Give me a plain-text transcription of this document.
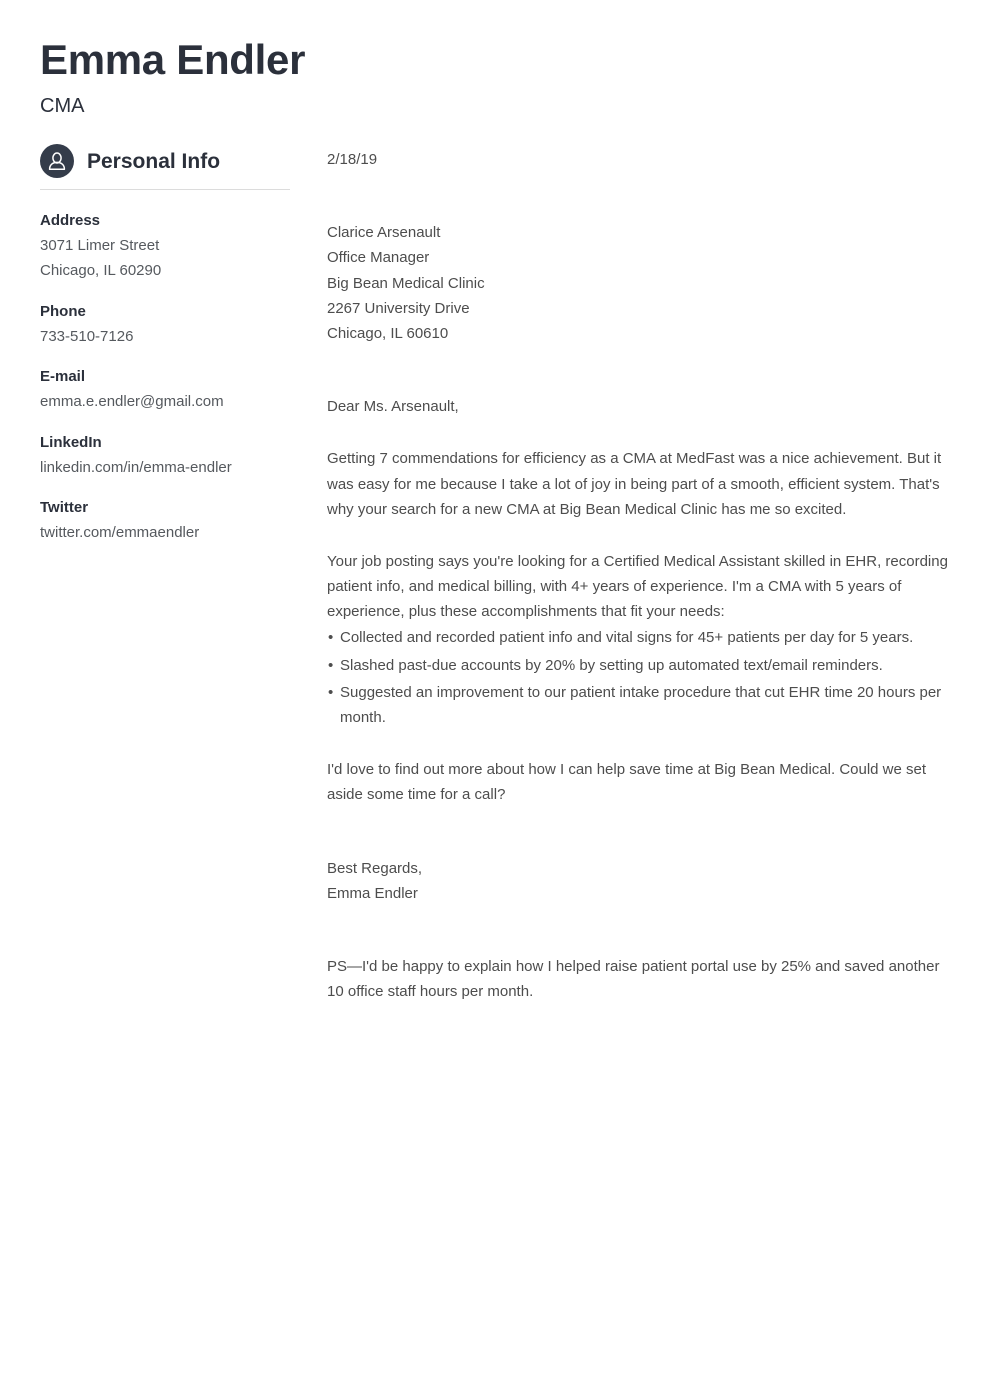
Emma Endler
CMA
Personal Info
Address
3071 Limer Street
Chicago, IL 60290
Phone
733-510-7126
E-mail
emma.e.endler@gmail.com
LinkedIn
linkedin.com/in/emma-endler
Twitter
twitter.com/emmaendler

2/18/19

Clarice Arsenault
Office Manager
Big Bean Medical Clinic
2267 University Drive
Chicago, IL 60610

Dear Ms. Arsenault,

Getting 7 commendations for efficiency as a CMA at MedFast was a nice achievement. But it was easy for me because I take a lot of joy in being part of a smooth, efficient system. That's why your search for a new CMA at Big Bean Medical Clinic has me so excited.

Your job posting says you're looking for a Certified Medical Assistant skilled in EHR, recording patient info, and medical billing, with 4+ years of experience. I'm a CMA with 5 years of experience, plus these accomplishments that fit your needs:

• Collected and recorded patient info and vital signs for 45+ patients per day for 5 years.
• Slashed past-due accounts by 20% by setting up automated text/email reminders.
• Suggested an improvement to our patient intake procedure that cut EHR time 20 hours per month.

I'd love to find out more about how I can help save time at Big Bean Medical. Could we set aside some time for a call?

Best Regards,
Emma Endler

PS—I'd be happy to explain how I helped raise patient portal use by 25% and saved another 10 office staff hours per month.
